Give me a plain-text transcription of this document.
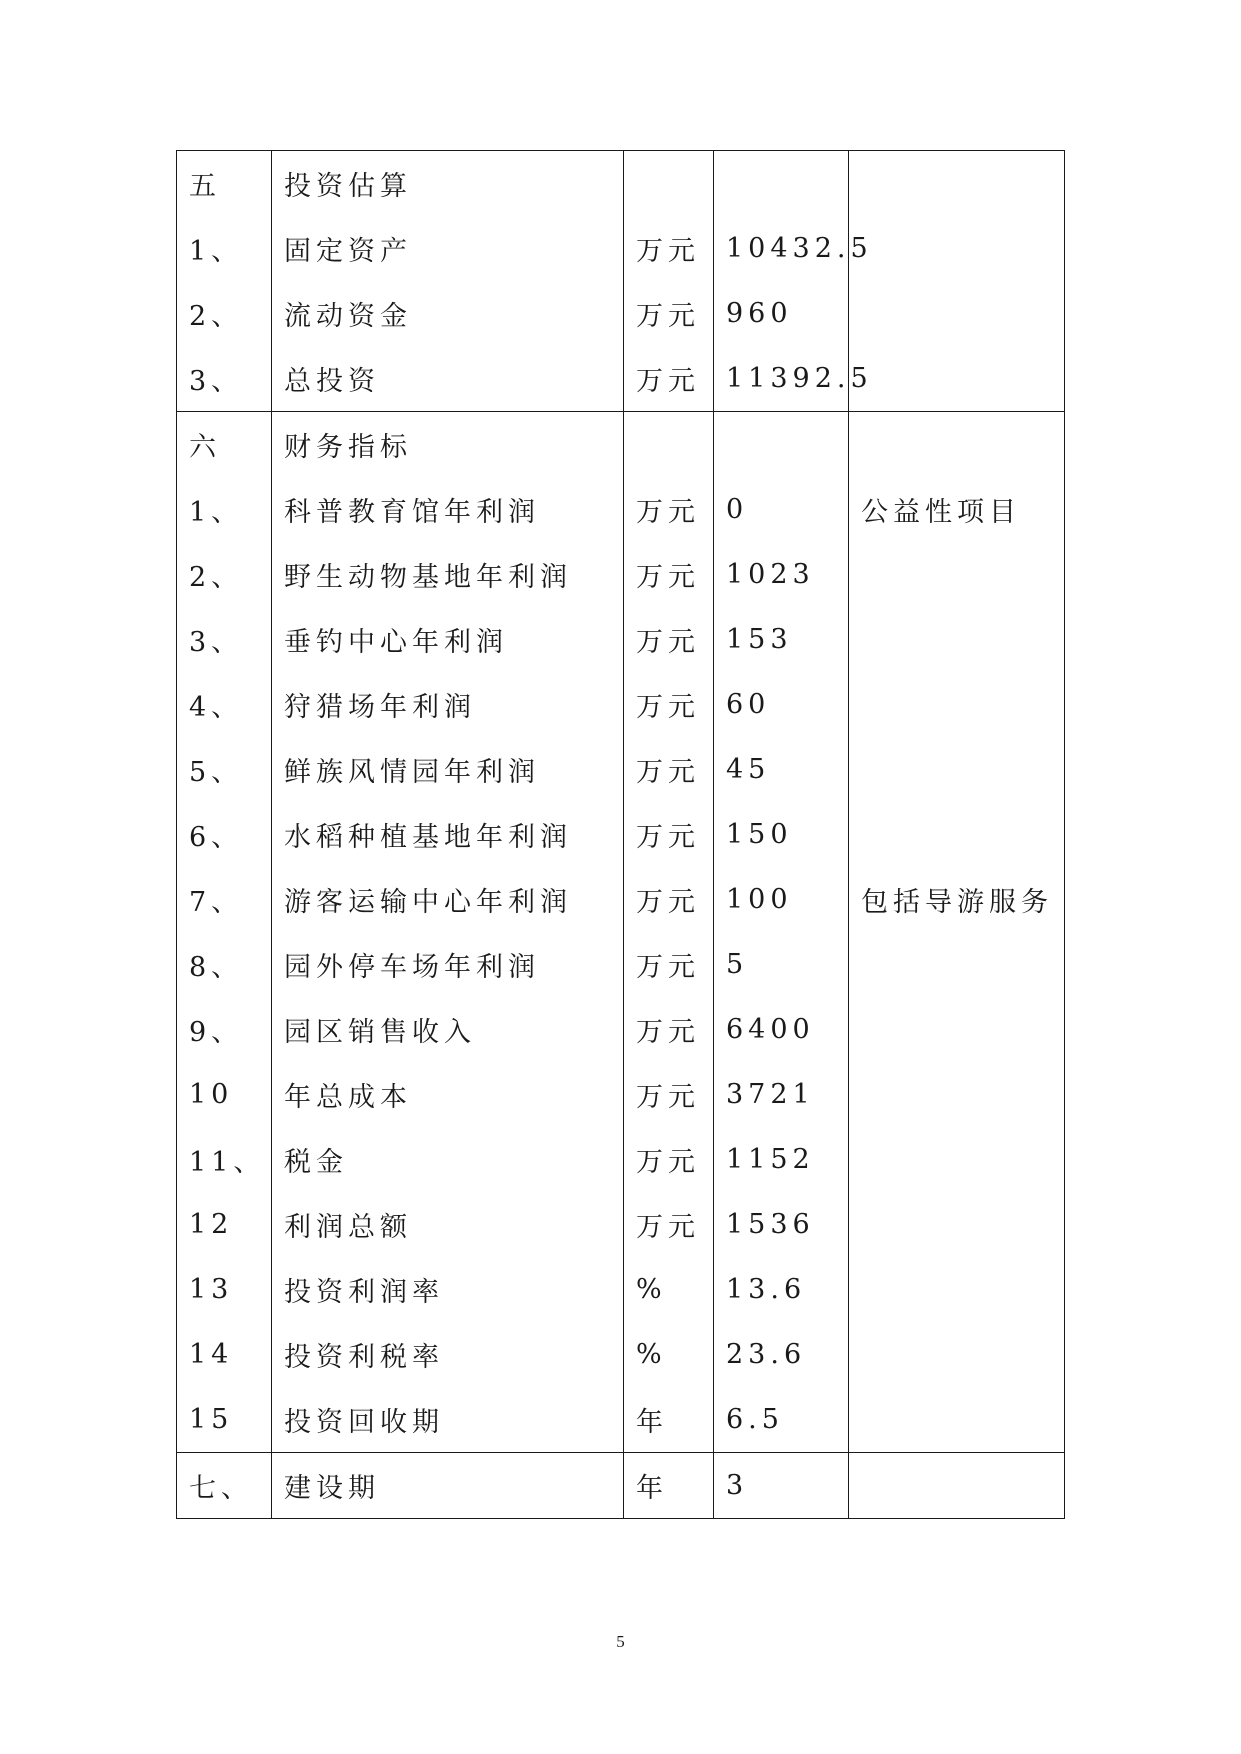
五	投资估算			
1、	固定资产	万元	10432.5	
2、	流动资金	万元	960	
3、	总投资	万元	11392.5	
六	财务指标			
1、	科普教育馆年利润	万元	0	公益性项目
2、	野生动物基地年利润	万元	1023	
3、	垂钓中心年利润	万元	153	
4、	狩猎场年利润	万元	60	
5、	鲜族风情园年利润	万元	45	
6、	水稻种植基地年利润	万元	150	
7、	游客运输中心年利润	万元	100	包括导游服务
8、	园外停车场年利润	万元	5	
9、	园区销售收入	万元	6400	
10	年总成本	万元	3721	
11、	税金	万元	1152	
12	利润总额	万元	1536	
13	投资利润率	%	13.6	
14	投资利税率	%	23.6	
15	投资回收期	年	6.5	
七、	建设期	年	3	
5
